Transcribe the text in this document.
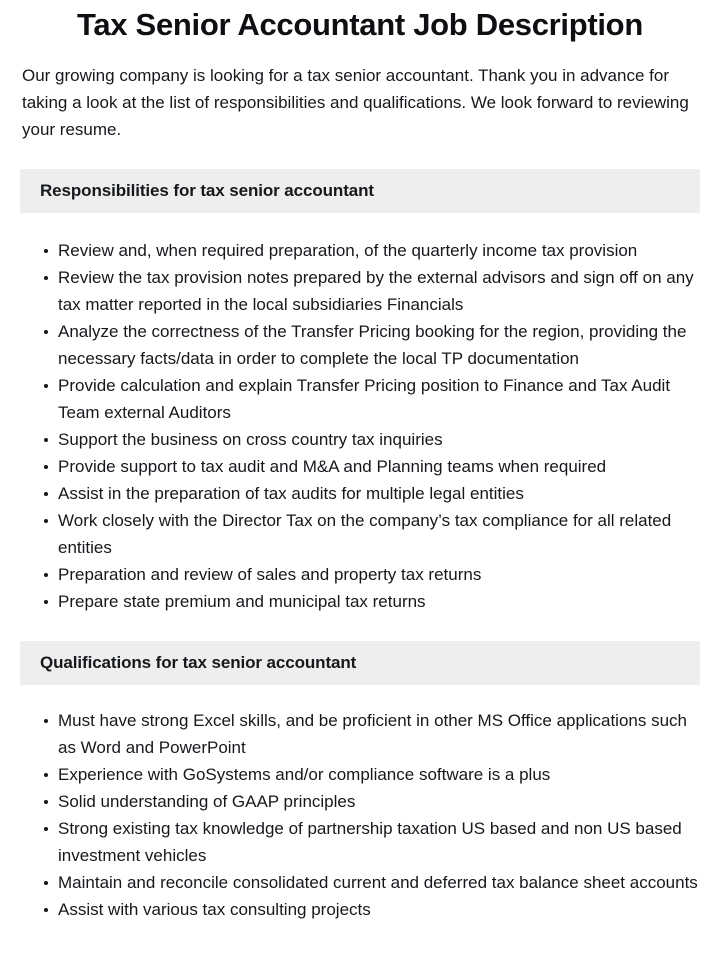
Tax Senior Accountant Job Description

Our growing company is looking for a tax senior accountant. Thank you in advance for taking a look at the list of responsibilities and qualifications. We look forward to reviewing your resume.

Responsibilities for tax senior accountant
Review and, when required preparation, of the quarterly income tax provision
Review the tax provision notes prepared by the external advisors and sign off on any tax matter reported in the local subsidiaries Financials
Analyze the correctness of the Transfer Pricing booking for the region, providing the necessary facts/data in order to complete the local TP documentation
Provide calculation and explain Transfer Pricing position to Finance and Tax Audit Team external Auditors
Support the business on cross country tax inquiries
Provide support to tax audit and M&A and Planning teams when required
Assist in the preparation of tax audits for multiple legal entities
Work closely with the Director Tax on the company’s tax compliance for all related entities
Preparation and review of sales and property tax returns
Prepare state premium and municipal tax returns
Qualifications for tax senior accountant
Must have strong Excel skills, and be proficient in other MS Office applications such as Word and PowerPoint
Experience with GoSystems and/or compliance software is a plus
Solid understanding of GAAP principles
Strong existing tax knowledge of partnership taxation US based and non US based investment vehicles
Maintain and reconcile consolidated current and deferred tax balance sheet accounts
Assist with various tax consulting projects
